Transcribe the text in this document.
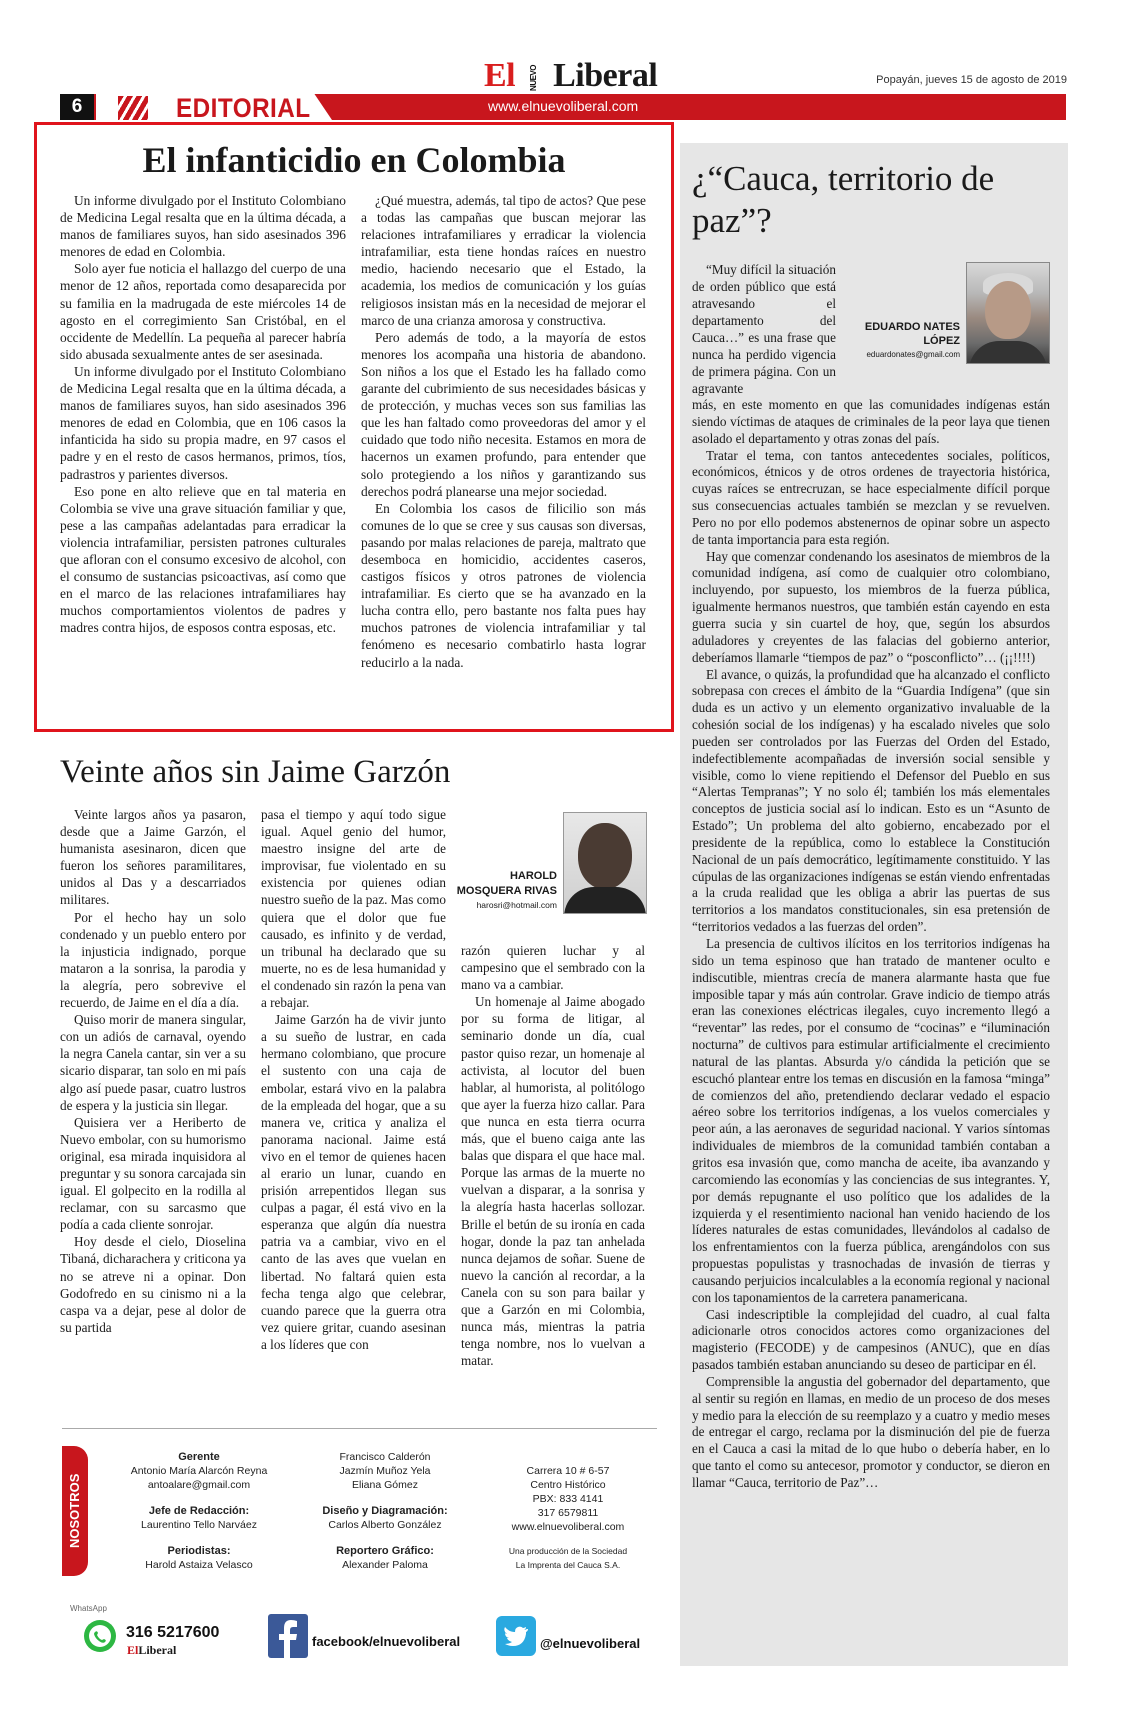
El NUEVO Liberal	Popayán, jueves 15 de agosto de 2019
6	EDITORIAL	www.elnuevoliberal.com
El infanticidio en Colombia

Un informe divulgado por el Instituto Colombiano de Medicina Legal resalta que en la última década, a manos de familiares suyos, han sido asesinados 396 menores de edad en Colombia.

Solo ayer fue noticia el hallazgo del cuerpo de una menor de 12 años, reportada como desaparecida por su familia en la madrugada de este miércoles 14 de agosto en el corregimiento San Cristóbal, en el occidente de Medellín. La pequeña al parecer habría sido abusada sexualmente antes de ser asesinada.

Un informe divulgado por el Instituto Colombiano de Medicina Legal resalta que en la última década, a manos de familiares suyos, han sido asesinados 396 menores de edad en Colombia, que en 106 casos la infanticida ha sido su propia madre, en 97 casos el padre y en el resto de casos hermanos, primos, tíos, padrastros y parientes diversos.

Eso pone en alto relieve que en tal materia en Colombia se vive una grave situación familiar y que, pese a las campañas adelantadas para erradicar la violencia intrafamiliar, persisten patrones culturales que afloran con el consumo excesivo de alcohol, con el consumo de sustancias psicoactivas, así como que en el marco de las relaciones intrafamiliares hay muchos comportamientos violentos de padres y madres contra hijos, de esposos contra esposas, etc.

¿Qué muestra, además, tal tipo de actos? Que pese a todas las campañas que buscan mejorar las relaciones intrafamiliares y erradicar la violencia intrafamiliar, esta tiene hondas raíces en nuestro medio, haciendo necesario que el Estado, la academia, los medios de comunicación y los guías religiosos insistan más en la necesidad de mejorar el marco de una crianza amorosa y constructiva.

Pero además de todo, a la mayoría de estos menores los acompaña una historia de abandono. Son niños a los que el Estado les ha fallado como garante del cubrimiento de sus necesidades básicas y de protección, y muchas veces son sus familias las que les han faltado como proveedoras del amor y el cuidado que todo niño necesita. Estamos en mora de hacernos un examen profundo, para entender que solo protegiendo a los niños y garantizando sus derechos podrá planearse una mejor sociedad.

En Colombia los casos de filicilio son más comunes de lo que se cree y sus causas son diversas, pasando por malas relaciones de pareja, maltrato que desemboca en homicidio, accidentes caseros, castigos físicos y otros patrones de violencia intrafamiliar. Es cierto que se ha avanzado en la lucha contra ello, pero bastante nos falta pues hay muchos patrones de violencia intrafamiliar y tal fenómeno es necesario combatirlo hasta lograr reducirlo a la nada.

¿“Cauca, territorio de paz”?
EDUARDO NATES LÓPEZ
eduardonates@gmail.com

“Muy difícil la situación de orden público que está atravesando el departamento del Cauca…” es una frase que nunca ha perdido vigencia de primera página. Con un agravante

más, en este momento en que las comunidades indígenas están siendo víctimas de ataques de criminales de la peor laya que tienen asolado el departamento y otras zonas del país.

Tratar el tema, con tantos antecedentes sociales, políticos, económicos, étnicos y de otros ordenes de trayectoria histórica, cuyas raíces se entrecruzan, se hace especialmente difícil porque sus consecuencias actuales también se mezclan y se revuelven. Pero no por ello podemos abstenernos de opinar sobre un aspecto de tanta importancia para esta región.

Hay que comenzar condenando los asesinatos de miembros de la comunidad indígena, así como de cualquier otro colombiano, incluyendo, por supuesto, los miembros de la fuerza pública, igualmente hermanos nuestros, que también están cayendo en esta guerra sucia y sin cuartel de hoy, que, según los absurdos aduladores y creyentes de las falacias del gobierno anterior, deberíamos llamarle “tiempos de paz” o “posconflicto”… (¡¡!!!!)

El avance, o quizás, la profundidad que ha alcanzado el conflicto sobrepasa con creces el ámbito de la “Guardia Indígena” (que sin duda es un activo y un elemento organizativo invaluable de la cohesión social de los indígenas) y ha escalado niveles que solo pueden ser controlados por las Fuerzas del Orden del Estado, indefectiblemente acompañadas de inversión social sensible y visible, como lo viene repitiendo el Defensor del Pueblo en sus “Alertas Tempranas”; Y no solo él; también los más elementales conceptos de justicia social así lo indican. Esto es un “Asunto de Estado”; Un problema del alto gobierno, encabezado por el presidente de la república, como lo establece la Constitución Nacional de un país democrático, legítimamente constituido. Y las cúpulas de las organizaciones indígenas se están viendo enfrentadas a la cruda realidad que les obliga a abrir las puertas de sus territorios a los mandatos constitucionales, sin esa pretensión de “territorios vedados a las fuerzas del orden”.

La presencia de cultivos ilícitos en los territorios indígenas ha sido un tema espinoso que han tratado de mantener oculto e indiscutible, mientras crecía de manera alarmante hasta que fue imposible tapar y más aún controlar. Grave indicio de tiempo atrás eran las conexiones eléctricas ilegales, cuyo incremento llegó a “reventar” las redes, por el consumo de “cocinas” e “iluminación nocturna” de cultivos para estimular artificialmente el crecimiento natural de las plantas. Absurda y/o cándida la petición que se escuchó plantear entre los temas en discusión en la famosa “minga” de comienzos del año, pretendiendo declarar vedado el espacio aéreo sobre los territorios indígenas, a los vuelos comerciales y peor aún, a las aeronaves de seguridad nacional. Y varios síntomas individuales de miembros de la comunidad también contaban a gritos esa invasión que, como mancha de aceite, iba avanzando y carcomiendo las economías y las conciencias de sus integrantes. Y, por demás repugnante el uso político que los adalides de la izquierda y el resentimiento nacional han venido haciendo de los líderes naturales de estas comunidades, llevándolos al cadalso de los enfrentamientos con la fuerza pública, arengándolos con sus propuestas populistas y trasnochadas de invasión de tierras y causando perjuicios incalculables a la economía regional y nacional con los taponamientos de la carretera panamericana.

Casi indescriptible la complejidad del cuadro, al cual falta adicionarle otros conocidos actores como organizaciones del magisterio (FECODE) y de campesinos (ANUC), que en días pasados también estaban anunciando su deseo de participar en él.

Comprensible la angustia del gobernador del departamento, que al sentir su región en llamas, en medio de un proceso de dos meses y medio para la elección de su reemplazo y a cuatro y medio meses de entregar el cargo, reclama por la disminución del pie de fuerza en el Cauca a casi la mitad de lo que hubo o debería haber, en lo que tanto el como su antecesor, promotor y conductor, se dieron en llamar “Cauca, territorio de Paz”…

Veinte años sin Jaime Garzón
HAROLD MOSQUERA RIVAS
harosri@hotmail.com

Veinte largos años ya pasaron, desde que a Jaime Garzón, el humanista asesinaron, dicen que fueron los señores paramilitares, unidos al Das y a descarriados militares.

Por el hecho hay un solo condenado y un pueblo entero por la injusticia indignado, porque mataron a la sonrisa, la parodia y la alegría, pero sobrevive el recuerdo, de Jaime en el día a día.

Quiso morir de manera singular, con un adiós de carnaval, oyendo la negra Canela cantar, sin ver a su sicario disparar, tan solo en mi país algo así puede pasar, cuatro lustros de espera y la justicia sin llegar.

Quisiera ver a Heriberto de Nuevo embolar, con su humorismo original, esa mirada inquisidora al preguntar y su sonora carcajada sin igual. El golpecito en la rodilla al reclamar, con su sarcasmo que podía a cada cliente sonrojar.

Hoy desde el cielo, Dioselina Tibaná, dicharachera y criticona ya no se atreve ni a opinar. Don Godofredo en su cinismo ni a la caspa va a dejar, pese al dolor de su partida

pasa el tiempo y aquí todo sigue igual. Aquel genio del humor, maestro insigne del arte de improvisar, fue violentado en su existencia por quienes odian nuestro sueño de la paz. Mas como quiera que el dolor que fue causado, es infinito y de verdad, un tribunal ha declarado que su muerte, no es de lesa humanidad y el condenado sin razón la pena van a rebajar.

Jaime Garzón ha de vivir junto a su sueño de lustrar, en cada hermano colombiano, que procure el sustento con una caja de embolar, estará vivo en la palabra de la empleada del hogar, que a su manera ve, critica y analiza el panorama nacional. Jaime está vivo en el temor de quienes hacen al erario un lunar, cuando en prisión arrepentidos llegan sus culpas a pagar, él está vivo en la esperanza que algún día nuestra patria va a cambiar, vivo en el canto de las aves que vuelan en libertad. No faltará quien esta fecha tenga algo que celebrar, cuando parece que la guerra otra vez quiere gritar, cuando asesinan a los líderes que con

razón quieren luchar y al campesino que el sembrado con la mano va a cambiar.

Un homenaje al Jaime abogado por su forma de litigar, al seminario donde un día, cual pastor quiso rezar, un homenaje al activista, al locutor del buen hablar, al humorista, al politólogo que ayer la fuerza hizo callar. Para que nunca en esta tierra ocurra más, que el bueno caiga ante las balas que dispara el que hace mal. Porque las armas de la muerte no vuelvan a disparar, a la sonrisa y la alegría hasta hacerlas sollozar. Brille el betún de su ironía en cada hogar, donde la paz tan anhelada nunca dejamos de soñar. Suene de nuevo la canción al recordar, a la Canela con su son para bailar y que a Garzón en mi Colombia, nunca más, mientras la patria tenga nombre, nos lo vuelvan a matar.

NOSOTROS
Gerente
Antonio María Alarcón Reyna
antoalare@gmail.com

Jefe de Redacción:
Laurentino Tello Narváez

Periodistas:
Harold Astaiza Velasco
Francisco Calderón
Jazmín Muñoz Yela
Eliana Gómez

Diseño y Diagramación:
Carlos Alberto González

Reportero Gráfico:
Alexander Paloma
Carrera 10 # 6-57
Centro Histórico
PBX: 833 4141
317 6579811
www.elnuevoliberal.com

Una producción de la Sociedad
La Imprenta del Cauca S.A.
WhatsApp
316 5217600
ElLiberal
facebook/elnuevoliberal	@elnuevoliberal
